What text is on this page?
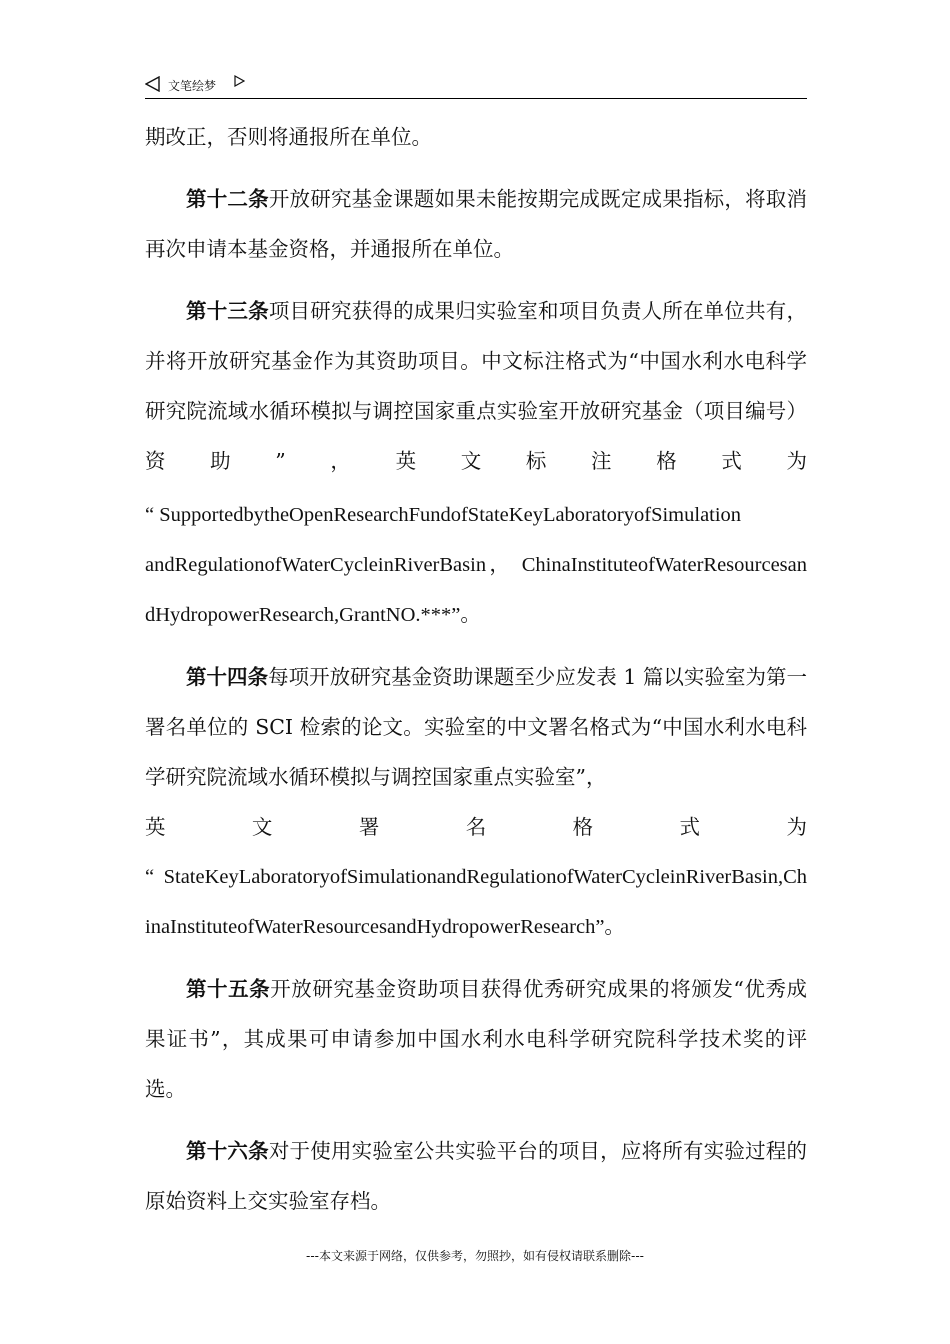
文笔绘梦

期改正，否则将通报所在单位。

第十二条开放研究基金课题如果未能按期完成既定成果指标，将取消再次申请本基金资格，并通报所在单位。

第十三条项目研究获得的成果归实验室和项目负责人所在单位共有，并将开放研究基金作为其资助项目。中文标注格式为“中国水利水电科学研究院流域水循环模拟与调控国家重点实验室开放研究基金（项目编号）资助”，英文标注格式为

“ SupportedbytheOpenResearchFundofStateKeyLaboratoryofSimulation

andRegulationofWaterCycleinRiverBasin， ChinaInstituteofWaterResourcesandHydropowerResearch,GrantNO.***”。

第十四条每项开放研究基金资助课题至少应发表 1 篇以实验室为第一署名单位的 SCI 检索的论文。实验室的中文署名格式为“中国水利水电科学研究院流域水循环模拟与调控国家重点实验室”，

英	文	署	名	格	式	为

“ StateKeyLaboratoryofSimulationandRegulationofWaterCycleinRiverBasin,ChinaInstituteofWaterResourcesandHydropowerResearch”。

第十五条开放研究基金资助项目获得优秀研究成果的将颁发“优秀成果证书”，其成果可申请参加中国水利水电科学研究院科学技术奖的评选。

第十六条对于使用实验室公共实验平台的项目，应将所有实验过程的原始资料上交实验室存档。

---本文来源于网络，仅供参考，勿照抄，如有侵权请联系删除---
